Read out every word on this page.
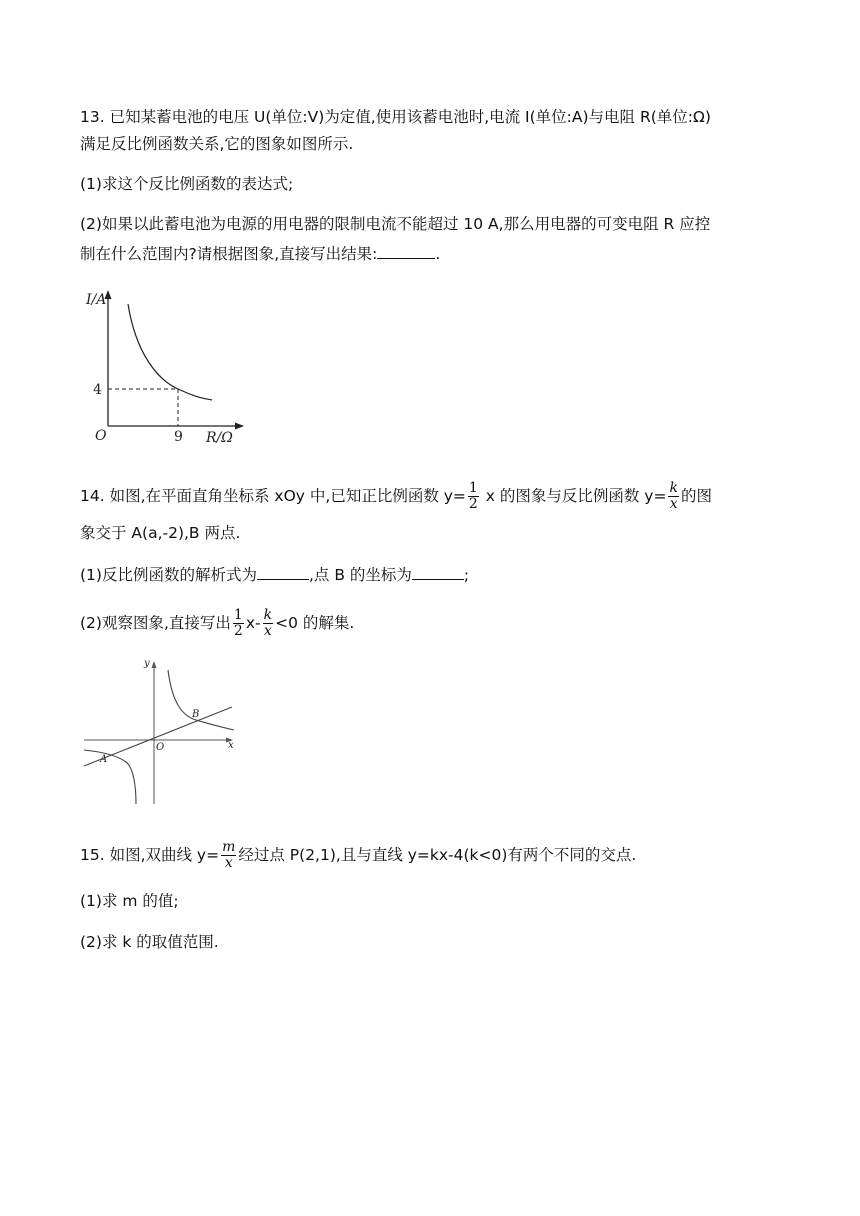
13. 已知某蓄电池的电压 U(单位:V)为定值,使用该蓄电池时,电流 I(单位:A)与电阻 R(单位:Ω)
满足反比例函数关系,它的图象如图所示.
(1)求这个反比例函数的表达式;
(2)如果以此蓄电池为电源的用电器的限制电流不能超过 10 A,那么用电器的可变电阻 R 应控
制在什么范围内?请根据图象,直接写出结果:	.
I/A
R/Ω
O
4
9
14. 如图,在平面直角坐标系 xOy 中,已知正比例函数 $y= \frac{1}{2}$ x 的图象与反比例函数 $y= \frac{k}{x}$ 的图
象交于 A(a,-2),B 两点.
(1)反比例函数的解析式为	,点 B 的坐标为	;
(2)观察图象,直接写出 $\frac{1}{2} x- \frac{k}{x} <0$ 的解集.
y
x
O
A
B
15. 如图,双曲线 $y= \frac{m}{x}$ 经过点 P(2,1),且与直线 y=kx-4(k<0)有两个不同的交点.
(1)求 m 的值;
(2)求 k 的取值范围.
